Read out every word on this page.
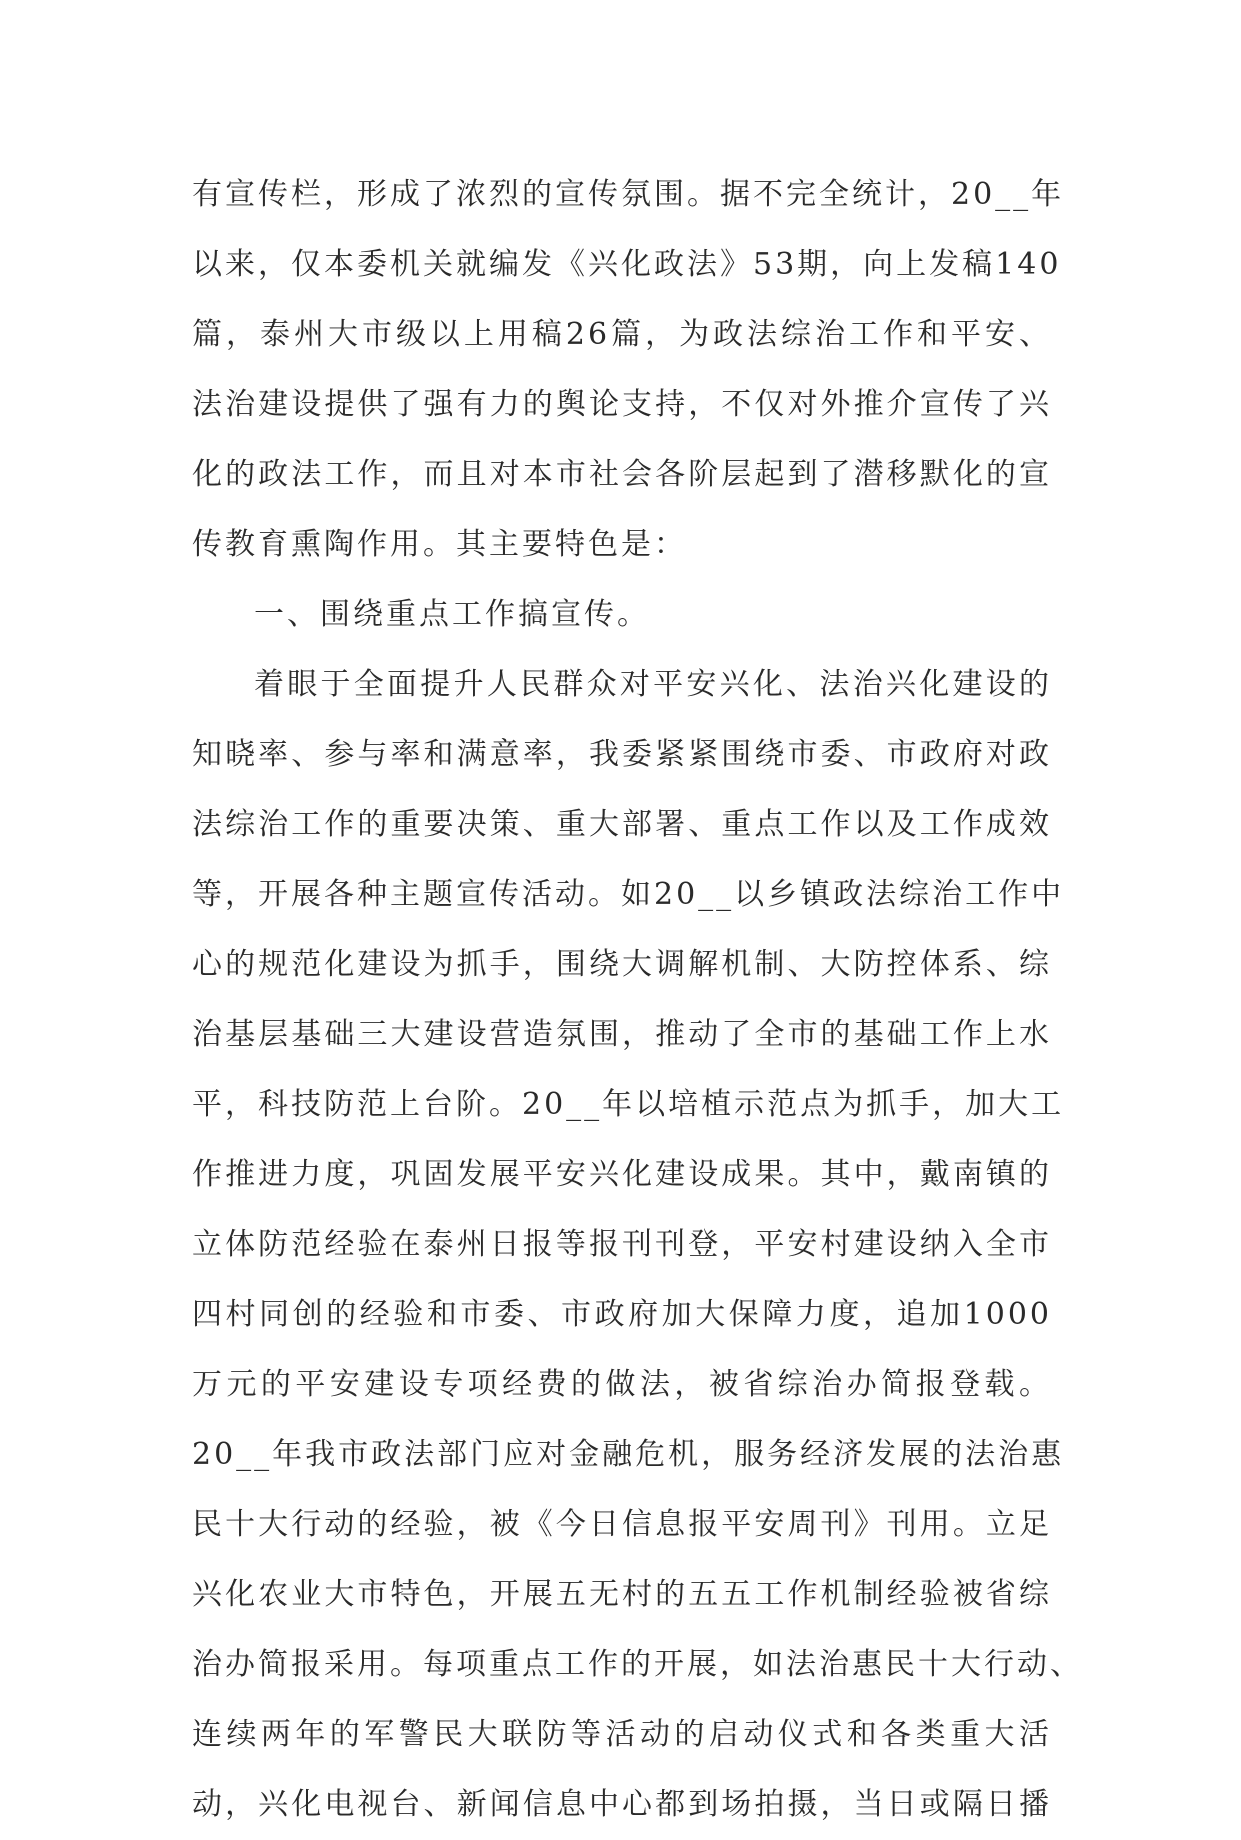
有宣传栏，形成了浓烈的宣传氛围。据不完全统计，20__年
以来，仅本委机关就编发《兴化政法》53期，向上发稿140
篇，泰州大市级以上用稿26篇，为政法综治工作和平安、
法治建设提供了强有力的舆论支持，不仅对外推介宣传了兴
化的政法工作，而且对本市社会各阶层起到了潜移默化的宣
传教育熏陶作用。其主要特色是：
一、围绕重点工作搞宣传。
着眼于全面提升人民群众对平安兴化、法治兴化建设的
知晓率、参与率和满意率，我委紧紧围绕市委、市政府对政
法综治工作的重要决策、重大部署、重点工作以及工作成效
等，开展各种主题宣传活动。如20__以乡镇政法综治工作中
心的规范化建设为抓手，围绕大调解机制、大防控体系、综
治基层基础三大建设营造氛围，推动了全市的基础工作上水
平，科技防范上台阶。20__年以培植示范点为抓手，加大工
作推进力度，巩固发展平安兴化建设成果。其中，戴南镇的
立体防范经验在泰州日报等报刊刊登，平安村建设纳入全市
四村同创的经验和市委、市政府加大保障力度，追加1000
万元的平安建设专项经费的做法，被省综治办简报登载。
20__年我市政法部门应对金融危机，服务经济发展的法治惠
民十大行动的经验，被《今日信息报平安周刊》刊用。立足
兴化农业大市特色，开展五无村的五五工作机制经验被省综
治办简报采用。每项重点工作的开展，如法治惠民十大行动、
连续两年的军警民大联防等活动的启动仪式和各类重大活
动，兴化电视台、新闻信息中心都到场拍摄，当日或隔日播
